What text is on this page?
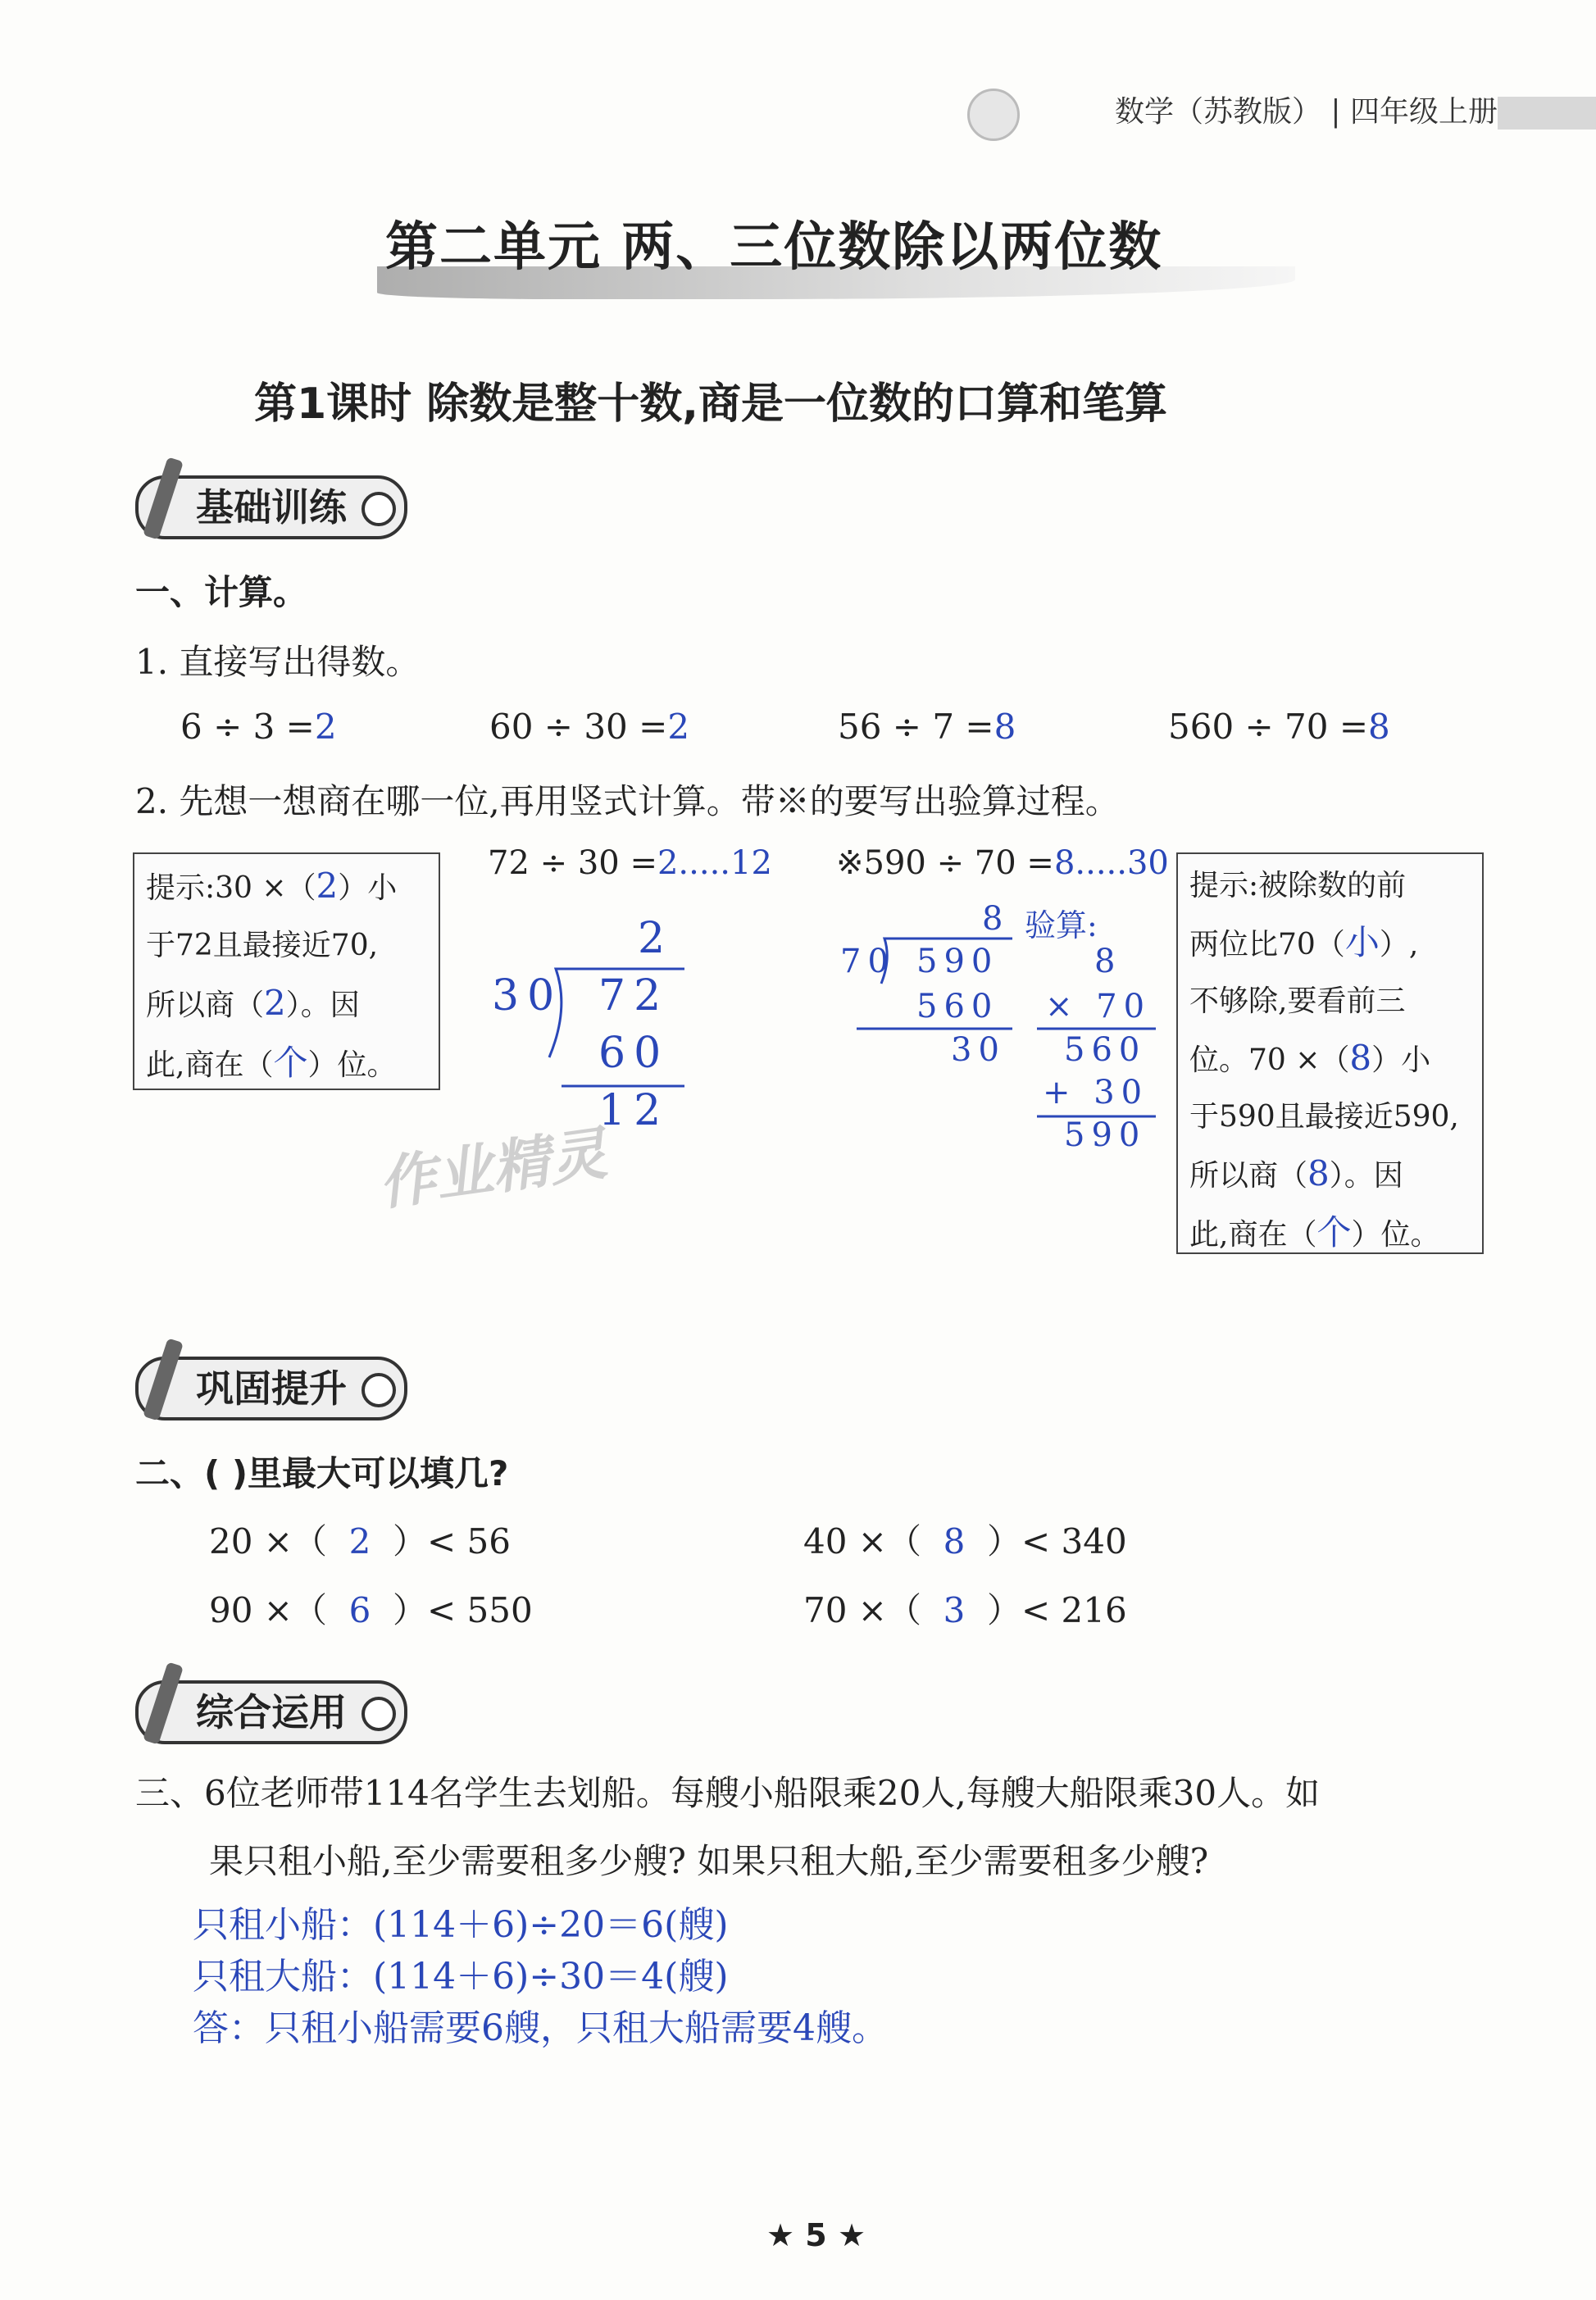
数学（苏教版） | 四年级上册
第二单元 两、三位数除以两位数
第1课时 除数是整十数,商是一位数的口算和笔算
基础训练
一、计算。
1. 直接写出得数。
6 ÷ 3 =2	60 ÷ 30 =2	56 ÷ 7 =8	560 ÷ 70 =8
2. 先想一想商在哪一位,再用竖式计算。带※的要写出验算过程。
提示:30 ×（2）小
于72且最接近70,
所以商（2）。因
此,商在（个）位。
72 ÷ 30 =2.....12
2
30 72
60
12
※590 ÷ 70 =8.....30
8 验算:
70 590
560
30
8
× 70
560
+ 30
590
提示:被除数的前
两位比70（小）,
不够除,要看前三
位。70 ×（8）小
于590且最接近590,
所以商（8）。因
此,商在（个）位。
作业精灵
巩固提升
二、( )里最大可以填几?
20 ×（ 2 ）< 56	40 ×（ 8 ）< 340
90 ×（ 6 ）< 550	70 ×（ 3 ）< 216
综合运用
三、6位老师带114名学生去划船。每艘小船限乘20人,每艘大船限乘30人。如
果只租小船,至少需要租多少艘? 如果只租大船,至少需要租多少艘?
只租小船：(114＋6)÷20＝6(艘)
只租大船：(114＋6)÷30＝4(艘)
答：只租小船需要6艘，只租大船需要4艘。
★ 5 ★
